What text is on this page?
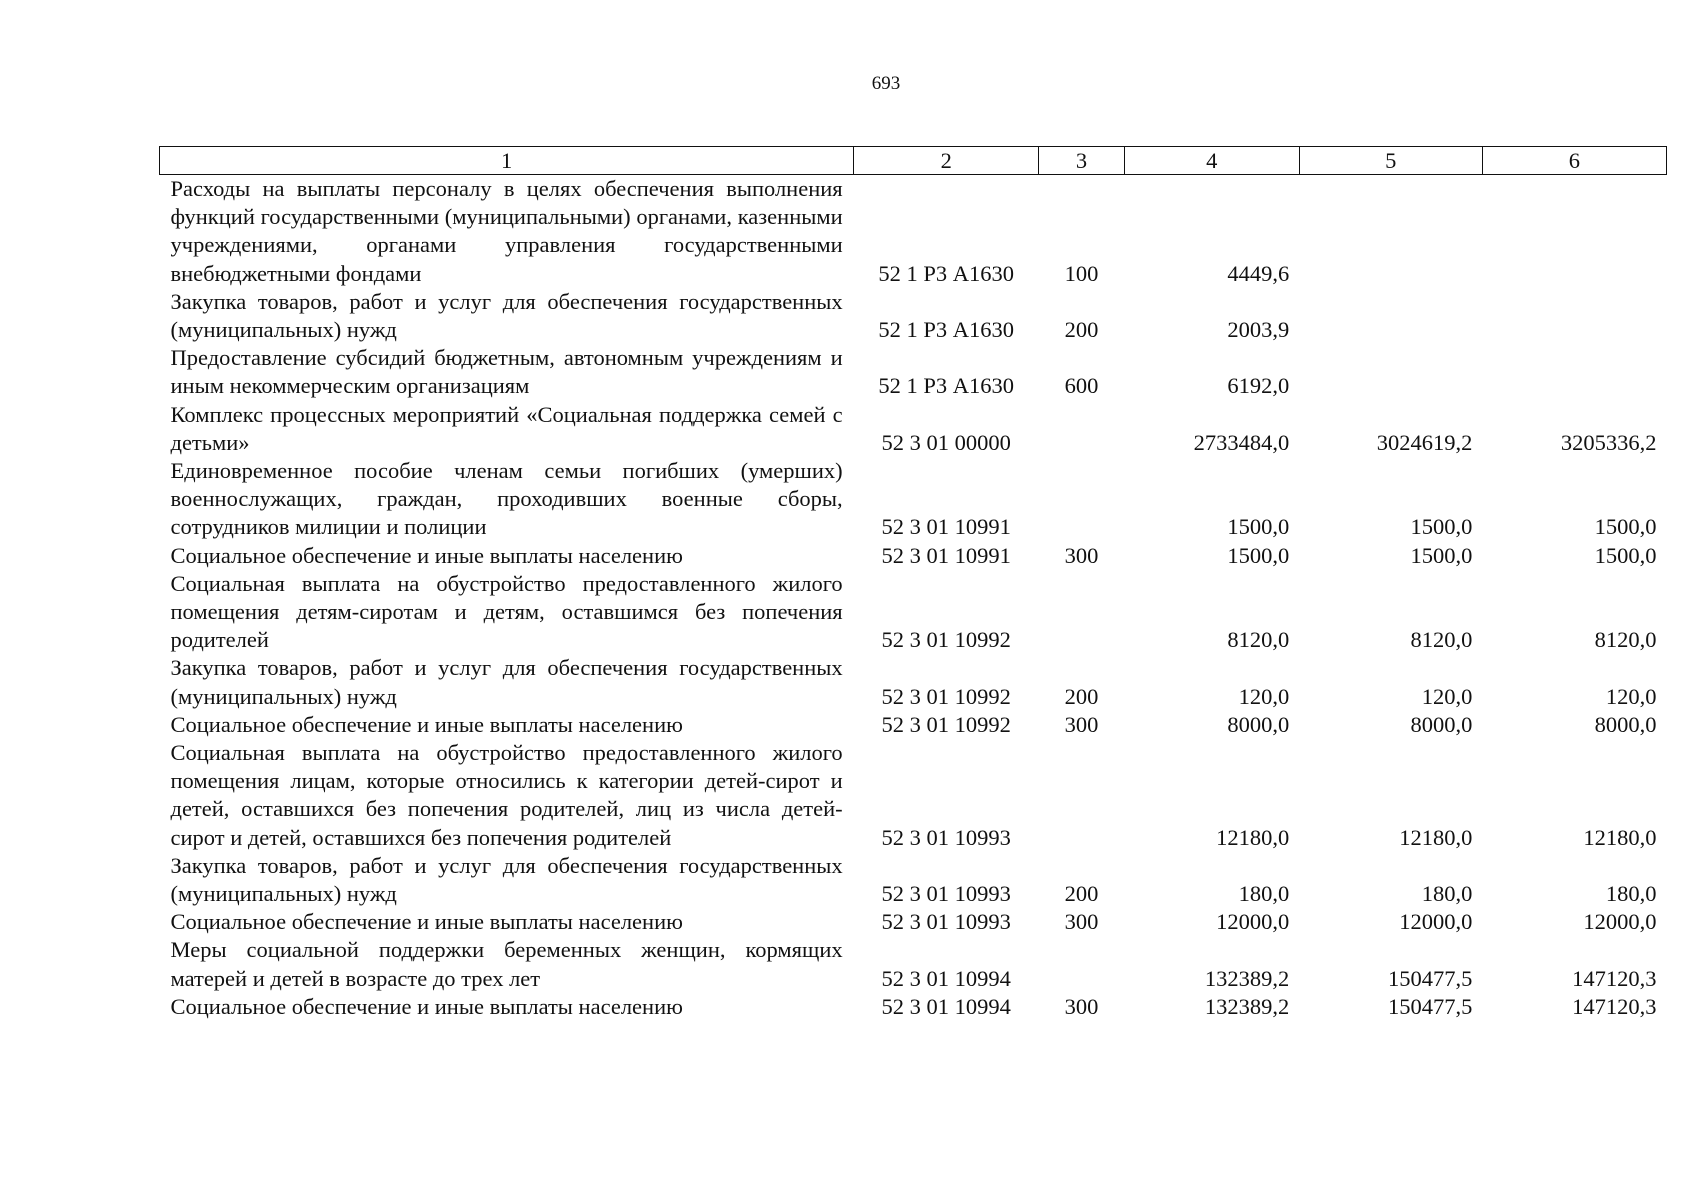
693
1	2	3	4	5	6
Расходы на выплаты персоналу в целях обеспечения выполнения функций государственными (муниципальными) органами, казенными учреждениями, органами управления государственными внебюджетными фондами	52 1 Р3 А1630	100	4449,6		
Закупка товаров, работ и услуг для обеспечения государственных (муниципальных) нужд	52 1 Р3 А1630	200	2003,9		
Предоставление субсидий бюджетным, автономным учреждениям и иным некоммерческим организациям	52 1 Р3 А1630	600	6192,0		
Комплекс процессных мероприятий «Социальная поддержка семей с детьми»	52 3 01 00000		2733484,0	3024619,2	3205336,2
Единовременное пособие членам семьи погибших (умерших) военнослужащих, граждан, проходивших военные сборы, сотрудников милиции и полиции	52 3 01 10991		1500,0	1500,0	1500,0
Социальное обеспечение и иные выплаты населению	52 3 01 10991	300	1500,0	1500,0	1500,0
Социальная выплата на обустройство предоставленного жилого помещения детям-сиротам и детям, оставшимся без попечения родителей	52 3 01 10992		8120,0	8120,0	8120,0
Закупка товаров, работ и услуг для обеспечения государственных (муниципальных) нужд	52 3 01 10992	200	120,0	120,0	120,0
Социальное обеспечение и иные выплаты населению	52 3 01 10992	300	8000,0	8000,0	8000,0
Социальная выплата на обустройство предоставленного жилого помещения лицам, которые относились к категории детей-сирот и детей, оставшихся без попечения родителей, лиц из числа детей-сирот и детей, оставшихся без попечения родителей	52 3 01 10993		12180,0	12180,0	12180,0
Закупка товаров, работ и услуг для обеспечения государственных (муниципальных) нужд	52 3 01 10993	200	180,0	180,0	180,0
Социальное обеспечение и иные выплаты населению	52 3 01 10993	300	12000,0	12000,0	12000,0
Меры социальной поддержки беременных женщин, кормящих матерей и детей в возрасте до трех лет	52 3 01 10994		132389,2	150477,5	147120,3
Социальное обеспечение и иные выплаты населению	52 3 01 10994	300	132389,2	150477,5	147120,3
